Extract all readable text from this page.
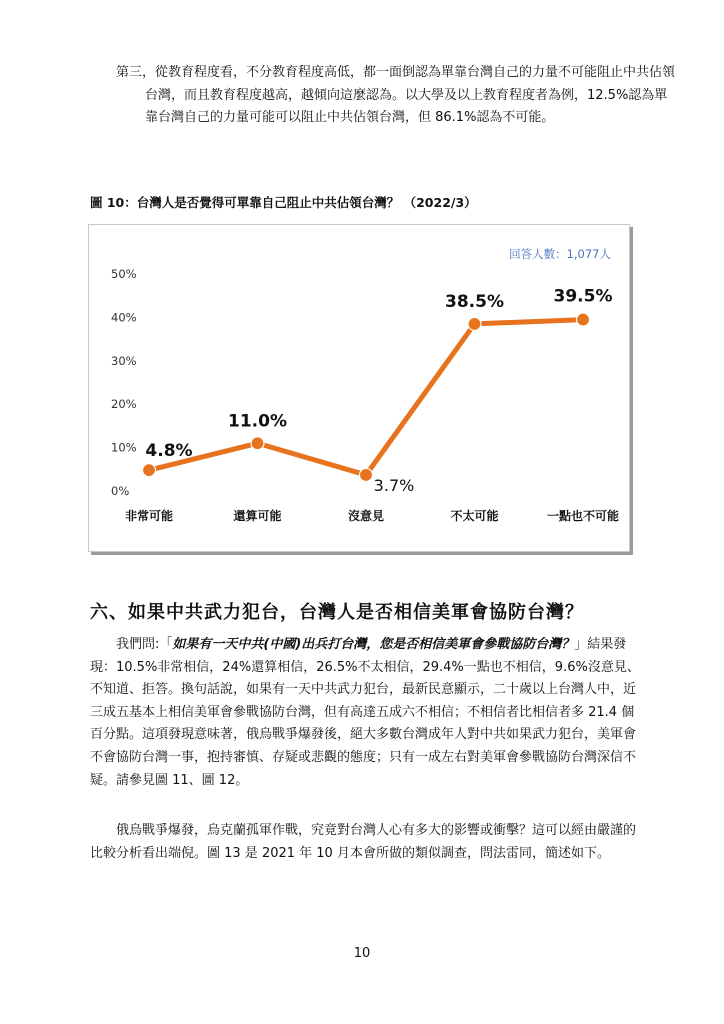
第三，從教育程度看，不分教育程度高低，都一面倒認為單靠台灣自己的力量不可能阻止中共佔領台灣，而且教育程度越高，越傾向這麼認為。以大學及以上教育程度者為例，12.5%認為單靠台灣自己的力量可能可以阻止中共佔領台灣，但 86.1%認為不可能。

圖 10：台灣人是否覺得可單靠自己阻止中共佔領台灣？ （2022/3）

回答人數：1,077人
0%
10%
20%
30%
40%
50%
非常可能	還算可能	沒意見	不太可能	一點也不可能
4.8%
11.0%
3.7%
38.5%	39.5%
六、如果中共武力犯台，台灣人是否相信美軍會協防台灣？

我們問:「如果有一天中共(中國)出兵打台灣，您是否相信美軍會參戰協防台灣？」結果發現：10.5%非常相信，24%還算相信，26.5%不太相信，29.4%一點也不相信，9.6%沒意見、不知道、拒答。換句話說，如果有一天中共武力犯台，最新民意顯示，二十歲以上台灣人中，近三成五基本上相信美軍會參戰協防台灣，但有高達五成六不相信；不相信者比相信者多 21.4 個百分點。這項發現意味著，俄烏戰爭爆發後，絕大多數台灣成年人對中共如果武力犯台，美軍會不會協防台灣一事，抱持審慎、存疑或悲觀的態度；只有一成左右對美軍會參戰協防台灣深信不疑。請參見圖 11、圖 12。

俄烏戰爭爆發，烏克蘭孤軍作戰，究竟對台灣人心有多大的影響或衝擊？這可以經由嚴謹的比較分析看出端倪。圖 13 是 2021 年 10 月本會所做的類似調查，問法雷同，簡述如下。

10
